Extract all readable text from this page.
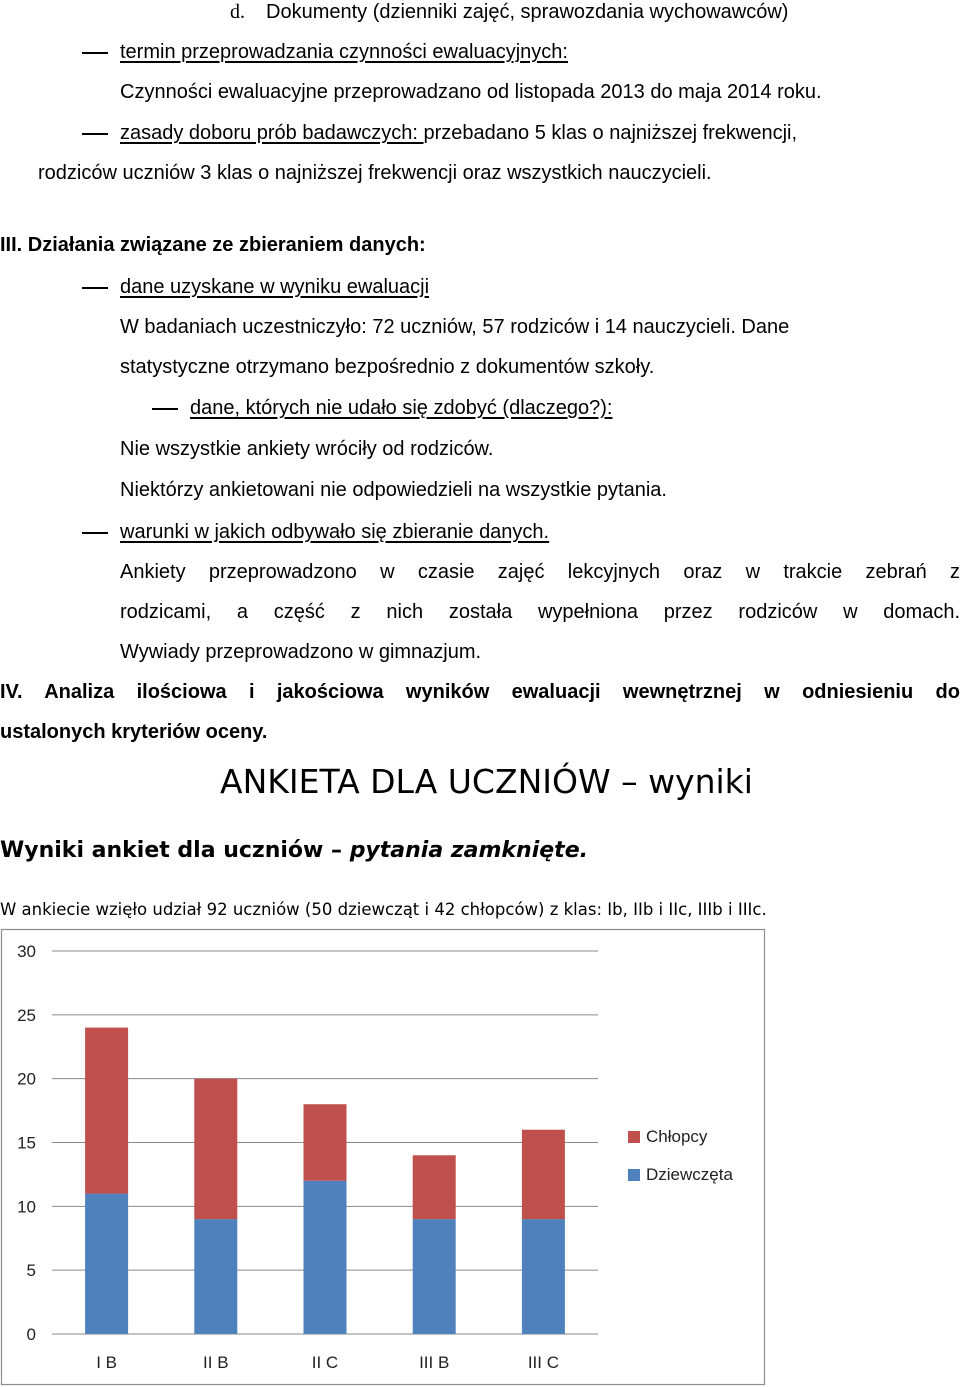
d. Dokumenty (dzienniki zajęć, sprawozdania wychowawców)
termin przeprowadzania czynności ewaluacyjnych:
Czynności ewaluacyjne przeprowadzano od listopada 2013 do maja 2014 roku.
zasady doboru prób badawczych: przebadano 5 klas o najniższej frekwencji,
rodziców uczniów 3 klas o najniższej frekwencji oraz wszystkich nauczycieli.
III. Działania związane ze zbieraniem danych:
dane uzyskane w wyniku ewaluacji
W badaniach uczestniczyło: 72 uczniów, 57 rodziców i 14 nauczycieli. Dane
statystyczne otrzymano bezpośrednio z dokumentów szkoły.
dane, których nie udało się zdobyć (dlaczego?):
Nie wszystkie ankiety wróciły od rodziców.
Niektórzy ankietowani nie odpowiedzieli na wszystkie pytania.
warunki w jakich odbywało się zbieranie danych.
Ankiety przeprowadzono w czasie zajęć lekcyjnych oraz w trakcie zebrań z
rodzicami, a część z nich została wypełniona przez rodziców w domach.
Wywiady przeprowadzono w gimnazjum.
IV. Analiza ilościowa i jakościowa wyników ewaluacji wewnętrznej w odniesieniu do
ustalonych kryteriów oceny.
ANKIETA DLA UCZNIÓW – wyniki
Wyniki ankiet dla uczniów – pytania zamknięte.
W ankiecie wzięło udział 92 uczniów (50 dziewcząt i 42 chłopców) z klas: Ib, IIb i IIc, IIIb i IIIc.
0
5
10
15
20
25
30
I B	II B	II C	III B	III C
Chłopcy
Dziewczęta
